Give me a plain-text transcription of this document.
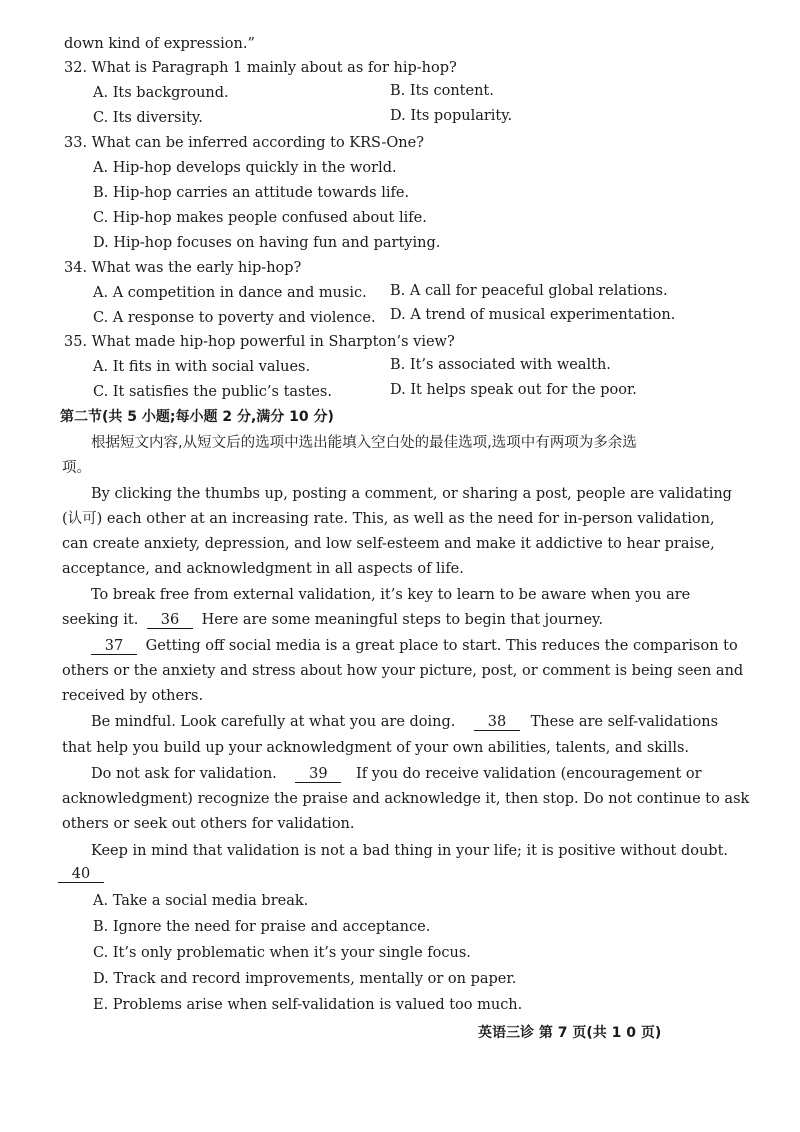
down kind of expression.”
32. What is Paragraph 1 mainly about as for hip-hop?
A. Its background.	B. Its content.
C. Its diversity.	D. Its popularity.
33. What can be inferred according to KRS-One?
A. Hip-hop develops quickly in the world.
B. Hip-hop carries an attitude towards life.
C. Hip-hop makes people confused about life.
D. Hip-hop focuses on having fun and partying.
34. What was the early hip-hop?
A. A competition in dance and music. B. A call for peaceful global relations.
C. A response to poverty and violence. D. A trend of musical experimentation.
35. What made hip-hop powerful in Sharpton’s view?
A. It fits in with social values.	B. It’s associated with wealth.
C. It satisfies the public’s tastes.	D. It helps speak out for the poor.
第二节(共 5 小题;每小题 2 分,满分 10 分)
根据短文内容,从短文后的选项中选出能填入空白处的最佳选项,选项中有两项为多余选
项。
By clicking the thumbs up, posting a comment, or sharing a post, people are validating
(认可) each other at an increasing rate. This, as well as the need for in-person validation,
can create anxiety, depression, and low self-esteem and make it addictive to hear praise,
acceptance, and acknowledgment in all aspects of life.
To break free from external validation, it’s key to learn to be aware when you are
seeking it. 36 Here are some meaningful steps to begin that journey.
37 Getting off social media is a great place to start. This reduces the comparison to
others or the anxiety and stress about how your picture, post, or comment is being seen and
received by others.
Be mindful. Look carefully at what you are doing. 38 These are self-validations
that help you build up your acknowledgment of your own abilities, talents, and skills.
Do not ask for validation. 39 If you do receive validation (encouragement or
acknowledgment) recognize the praise and acknowledge it, then stop. Do not continue to ask
others or seek out others for validation.
Keep in mind that validation is not a bad thing in your life; it is positive without doubt.
40
A. Take a social media break.
B. Ignore the need for praise and acceptance.
C. It’s only problematic when it’s your single focus.
D. Track and record improvements, mentally or on paper.
E. Problems arise when self-validation is valued too much.
英语三诊 第 7 页(共 1 0 页)
